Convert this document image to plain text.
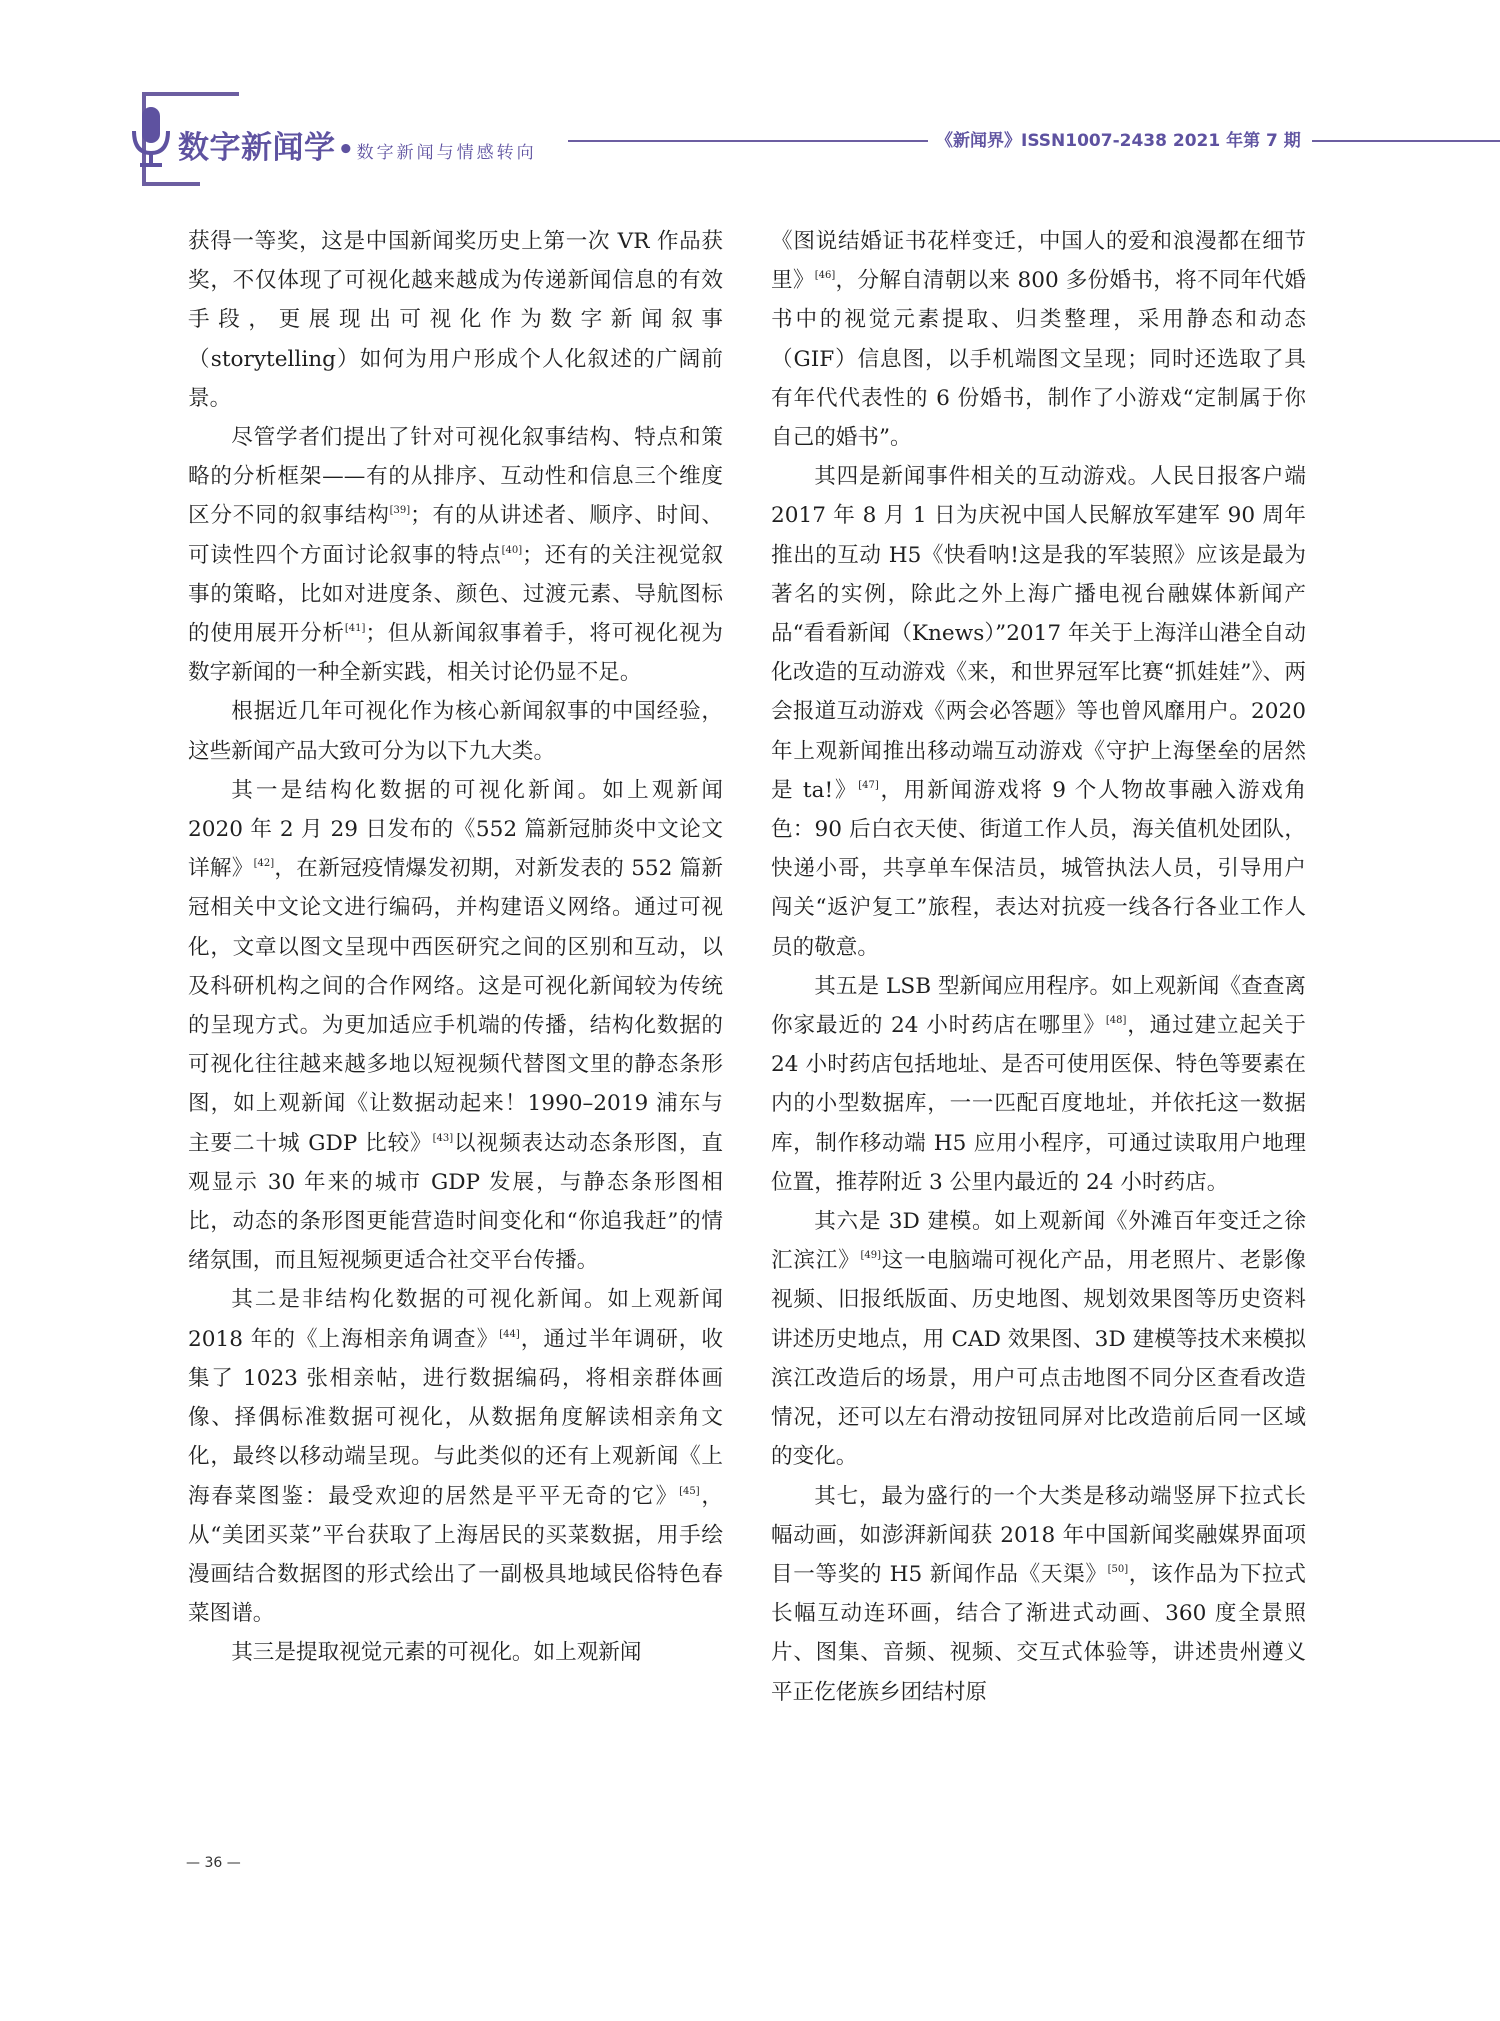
数字新闻学• 数字新闻与情感转向
《新闻界》ISSN1007-2438 2021 年第 7 期

获得一等奖，这是中国新闻奖历史上第一次 VR 作品获奖，不仅体现了可视化越来越成为传递新闻信息的有效手段，更展现出可视化作为数字新闻叙事（storytelling）如何为用户形成个人化叙述的广阔前景。

尽管学者们提出了针对可视化叙事结构、特点和策略的分析框架——有的从排序、互动性和信息三个维度区分不同的叙事结构[39]；有的从讲述者、顺序、时间、可读性四个方面讨论叙事的特点[40]；还有的关注视觉叙事的策略，比如对进度条、颜色、过渡元素、导航图标的使用展开分析[41]；但从新闻叙事着手，将可视化视为数字新闻的一种全新实践，相关讨论仍显不足。

根据近几年可视化作为核心新闻叙事的中国经验，这些新闻产品大致可分为以下九大类。

其一是结构化数据的可视化新闻。如上观新闻 2020 年 2 月 29 日发布的《552 篇新冠肺炎中文论文详解》[42]，在新冠疫情爆发初期，对新发表的 552 篇新冠相关中文论文进行编码，并构建语义网络。通过可视化，文章以图文呈现中西医研究之间的区别和互动，以及科研机构之间的合作网络。这是可视化新闻较为传统的呈现方式。为更加适应手机端的传播，结构化数据的可视化往往越来越多地以短视频代替图文里的静态条形图，如上观新闻《让数据动起来！1990–2019 浦东与主要二十城 GDP 比较》[43]以视频表达动态条形图，直观显示 30 年来的城市 GDP 发展，与静态条形图相比，动态的条形图更能营造时间变化和“你追我赶”的情绪氛围，而且短视频更适合社交平台传播。

其二是非结构化数据的可视化新闻。如上观新闻 2018 年的《上海相亲角调查》[44]，通过半年调研，收集了 1023 张相亲帖，进行数据编码，将相亲群体画像、择偶标准数据可视化，从数据角度解读相亲角文化，最终以移动端呈现。与此类似的还有上观新闻《上海春菜图鉴：最受欢迎的居然是平平无奇的它》[45]，从“美团买菜”平台获取了上海居民的买菜数据，用手绘漫画结合数据图的形式绘出了一副极具地域民俗特色春菜图谱。

其三是提取视觉元素的可视化。如上观新闻

《图说结婚证书花样变迁，中国人的爱和浪漫都在细节里》[46]，分解自清朝以来 800 多份婚书，将不同年代婚书中的视觉元素提取、归类整理，采用静态和动态（GIF）信息图，以手机端图文呈现；同时还选取了具有年代代表性的 6 份婚书，制作了小游戏“定制属于你自己的婚书”。

其四是新闻事件相关的互动游戏。人民日报客户端 2017 年 8 月 1 日为庆祝中国人民解放军建军 90 周年推出的互动 H5《快看呐!这是我的军装照》应该是最为著名的实例，除此之外上海广播电视台融媒体新闻产品“看看新闻（Knews）”2017 年关于上海洋山港全自动化改造的互动游戏《来，和世界冠军比赛“抓娃娃”》、两会报道互动游戏《两会必答题》等也曾风靡用户。2020 年上观新闻推出移动端互动游戏《守护上海堡垒的居然是 ta!》[47]，用新闻游戏将 9 个人物故事融入游戏角色：90 后白衣天使、街道工作人员，海关值机处团队，快递小哥，共享单车保洁员，城管执法人员，引导用户闯关“返沪复工”旅程，表达对抗疫一线各行各业工作人员的敬意。

其五是 LSB 型新闻应用程序。如上观新闻《查查离你家最近的 24 小时药店在哪里》[48]，通过建立起关于 24 小时药店包括地址、是否可使用医保、特色等要素在内的小型数据库，一一匹配百度地址，并依托这一数据库，制作移动端 H5 应用小程序，可通过读取用户地理位置，推荐附近 3 公里内最近的 24 小时药店。

其六是 3D 建模。如上观新闻《外滩百年变迁之徐汇滨江》[49]这一电脑端可视化产品，用老照片、老影像视频、旧报纸版面、历史地图、规划效果图等历史资料讲述历史地点，用 CAD 效果图、3D 建模等技术来模拟滨江改造后的场景，用户可点击地图不同分区查看改造情况，还可以左右滑动按钮同屏对比改造前后同一区域的变化。

其七，最为盛行的一个大类是移动端竖屏下拉式长幅动画，如澎湃新闻获 2018 年中国新闻奖融媒界面项目一等奖的 H5 新闻作品《天渠》[50]，该作品为下拉式长幅互动连环画，结合了渐进式动画、360 度全景照片、图集、音频、视频、交互式体验等，讲述贵州遵义平正仡佬族乡团结村原

— 36 —
